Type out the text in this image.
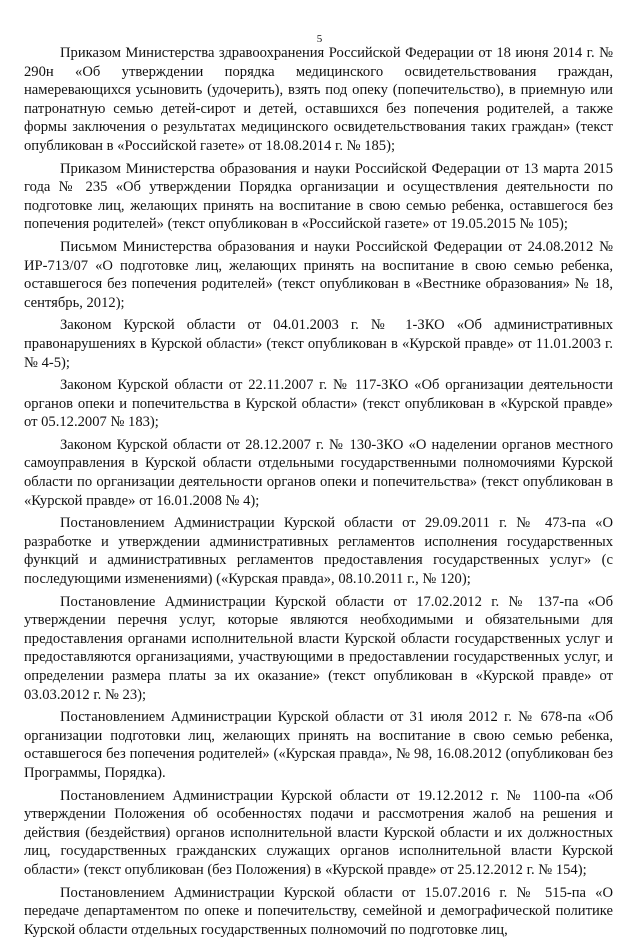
5

Приказом Министерства здравоохранения Российской Федерации от 18 июня 2014 г. № 290н «Об утверждении порядка медицинского освидетельствования граждан, намеревающихся усыновить (удочерить), взять под опеку (попечительство), в приемную или патронатную семью детей-сирот и детей, оставшихся без попечения родителей, а также формы заключения о результатах медицинского освидетельствования таких граждан» (текст опубликован в «Российской газете» от 18.08.2014 г. № 185);

Приказом Министерства образования и науки Российской Федерации от 13 марта 2015 года № 235 «Об утверждении Порядка организации и осуществления деятельности по подготовке лиц, желающих принять на воспитание в свою семью ребенка, оставшегося без попечения родителей» (текст опубликован в «Российской газете» от 19.05.2015 № 105);

Письмом Министерства образования и науки Российской Федерации от 24.08.2012 № ИР-713/07 «О подготовке лиц, желающих принять на воспитание в свою семью ребенка, оставшегося без попечения родителей» (текст опубликован в «Вестнике образования» № 18, сентябрь, 2012);

Законом Курской области от 04.01.2003 г. № 1-ЗКО «Об административных правонарушениях в Курской области» (текст опубликован в «Курской правде» от 11.01.2003 г. № 4-5);

Законом Курской области от 22.11.2007 г. № 117-ЗКО «Об организации деятельности органов опеки и попечительства в Курской области» (текст опубликован в «Курской правде» от 05.12.2007 № 183);

Законом Курской области от 28.12.2007 г. № 130-ЗКО «О наделении органов местного самоуправления в Курской области отдельными государственными полномочиями Курской области по организации деятельности органов опеки и попечительства» (текст опубликован в «Курской правде» от 16.01.2008 № 4);

Постановлением Администрации Курской области от 29.09.2011 г. № 473-па «О разработке и утверждении административных регламентов исполнения государственных функций и административных регламентов предоставления государственных услуг» (с последующими изменениями) («Курская правда», 08.10.2011 г., № 120);

Постановление Администрации Курской области от 17.02.2012 г. № 137-па «Об утверждении перечня услуг, которые являются необходимыми и обязательными для предоставления органами исполнительной власти Курской области государственных услуг и предоставляются организациями, участвующими в предоставлении государственных услуг, и определении размера платы за их оказание» (текст опубликован в «Курской правде» от 03.03.2012 г. № 23);

Постановлением Администрации Курской области от 31 июля 2012 г. № 678-па «Об организации подготовки лиц, желающих принять на воспитание в свою семью ребенка, оставшегося без попечения родителей» («Курская правда», № 98, 16.08.2012 (опубликован без Программы, Порядка).

Постановлением Администрации Курской области от 19.12.2012 г. № 1100-па «Об утверждении Положения об особенностях подачи и рассмотрения жалоб на решения и действия (бездействия) органов исполнительной власти Курской области и их должностных лиц, государственных гражданских служащих органов исполнительной власти Курской области» (текст опубликован (без Положения) в «Курской правде» от 25.12.2012 г. № 154);

Постановлением Администрации Курской области от 15.07.2016 г. № 515-па «О передаче департаментом по опеке и попечительству, семейной и демографической политике Курской области отдельных государственных полномочий по подготовке лиц,
